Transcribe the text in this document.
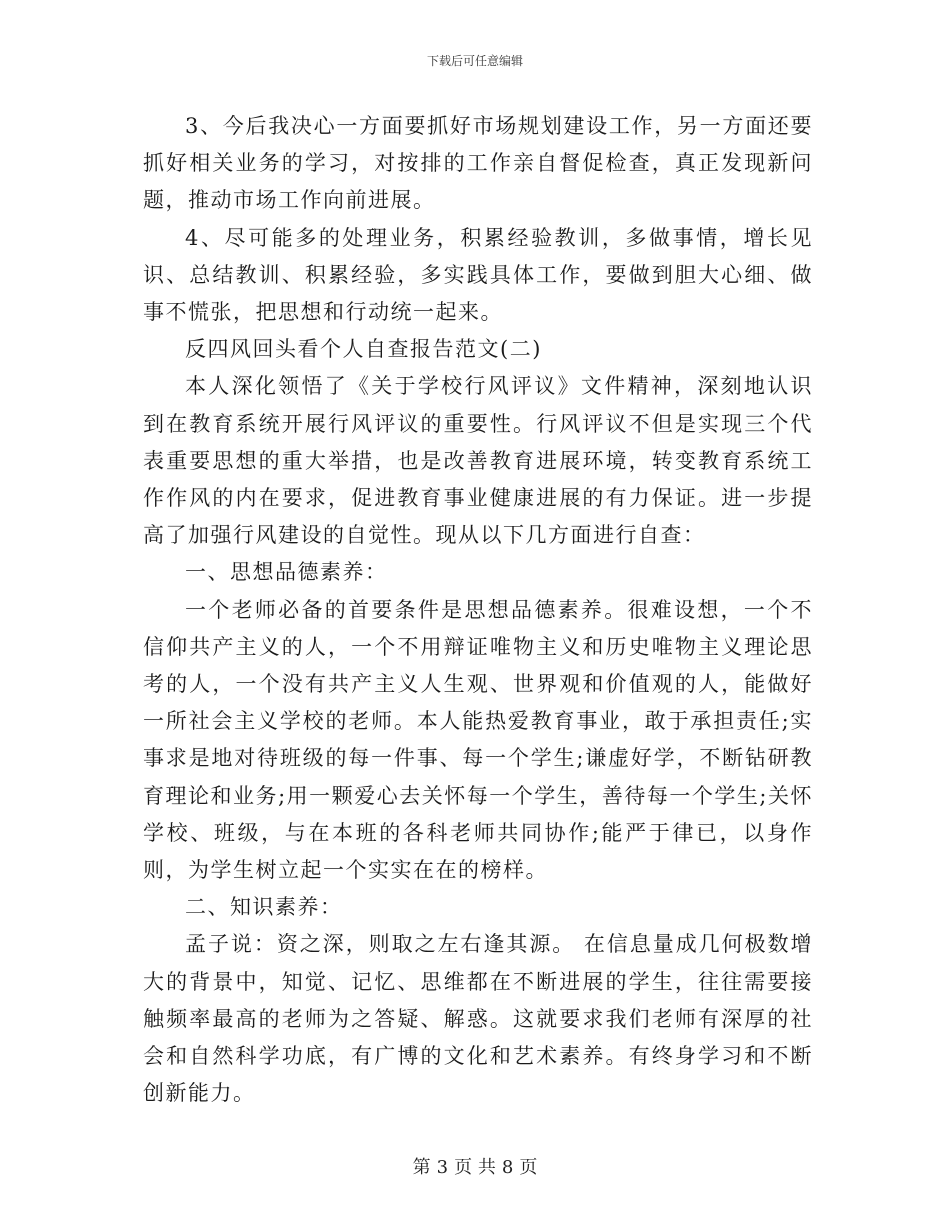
下载后可任意编辑

3、今后我决心一方面要抓好市场规划建设工作，另一方面还要抓好相关业务的学习，对按排的工作亲自督促检查，真正发现新问题，推动市场工作向前进展。

4、尽可能多的处理业务，积累经验教训，多做事情，增长见识、总结教训、积累经验，多实践具体工作，要做到胆大心细、做事不慌张，把思想和行动统一起来。

反四风回头看个人自查报告范文(二)

本人深化领悟了《关于学校行风评议》文件精神，深刻地认识到在教育系统开展行风评议的重要性。行风评议不但是实现三个代表重要思想的重大举措，也是改善教育进展环境，转变教育系统工作作风的内在要求，促进教育事业健康进展的有力保证。进一步提高了加强行风建设的自觉性。现从以下几方面进行自查：

一、思想品德素养：

一个老师必备的首要条件是思想品德素养。很难设想，一个不信仰共产主义的人，一个不用辩证唯物主义和历史唯物主义理论思考的人，一个没有共产主义人生观、世界观和价值观的人，能做好一所社会主义学校的老师。本人能热爱教育事业，敢于承担责任;实事求是地对待班级的每一件事、每一个学生;谦虚好学，不断钻研教育理论和业务;用一颗爱心去关怀每一个学生，善待每一个学生;关怀学校、班级，与在本班的各科老师共同协作;能严于律已，以身作则，为学生树立起一个实实在在的榜样。

二、知识素养：

孟子说：资之深，则取之左右逢其源。 在信息量成几何极数增大的背景中，知觉、记忆、思维都在不断进展的学生，往往需要接触频率最高的老师为之答疑、解惑。这就要求我们老师有深厚的社会和自然科学功底，有广博的文化和艺术素养。有终身学习和不断创新能力。

第 3 页 共 8 页
